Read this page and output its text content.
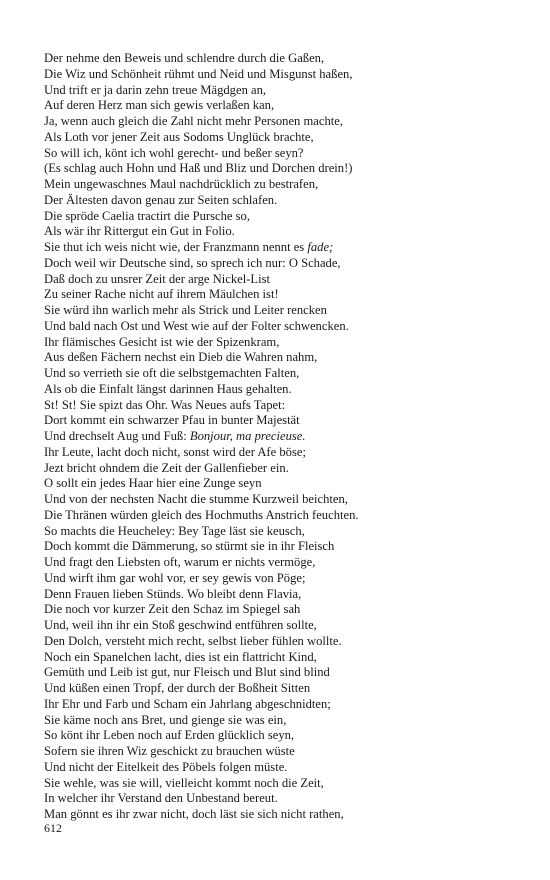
Der nehme den Beweis und schlendre durch die Gaßen,
Die Wiz und Schönheit rühmt und Neid und Misgunst haßen,
Und trift er ja darin zehn treue Mägdgen an,
Auf deren Herz man sich gewis verlaßen kan,
Ja, wenn auch gleich die Zahl nicht mehr Personen machte,
Als Loth vor jener Zeit aus Sodoms Unglück brachte,
So will ich, könt ich wohl gerecht- und beßer seyn?
(Es schlag auch Hohn und Haß und Bliz und Dorchen drein!)
Mein ungewaschnes Maul nachdrücklich zu bestrafen,
Der Ältesten davon genau zur Seiten schlafen.
Die spröde Caelia tractirt die Pursche so,
Als wär ihr Rittergut ein Gut in Folio.
Sie thut ich weis nicht wie, der Franzmann nennt es fade;
Doch weil wir Deutsche sind, so sprech ich nur: O Schade,
Daß doch zu unsrer Zeit der arge Nickel-List
Zu seiner Rache nicht auf ihrem Mäulchen ist!
Sie würd ihn warlich mehr als Strick und Leiter rencken
Und bald nach Ost und West wie auf der Folter schwencken.
Ihr flämisches Gesicht ist wie der Spizenkram,
Aus deßen Fächern nechst ein Dieb die Wahren nahm,
Und so verrieth sie oft die selbstgemachten Falten,
Als ob die Einfalt längst darinnen Haus gehalten.
St! St! Sie spizt das Ohr. Was Neues aufs Tapet:
Dort kommt ein schwarzer Pfau in bunter Majestät
Und drechselt Aug und Fuß: Bonjour, ma precieuse.
Ihr Leute, lacht doch nicht, sonst wird der Afe böse;
Jezt bricht ohndem die Zeit der Gallenfieber ein.
O sollt ein jedes Haar hier eine Zunge seyn
Und von der nechsten Nacht die stumme Kurzweil beichten,
Die Thränen würden gleich des Hochmuths Anstrich feuchten.
So machts die Heucheley: Bey Tage läst sie keusch,
Doch kommt die Dämmerung, so stürmt sie in ihr Fleisch
Und fragt den Liebsten oft, warum er nichts vermöge,
Und wirft ihm gar wohl vor, er sey gewis von Pöge;
Denn Frauen lieben Stünds. Wo bleibt denn Flavia,
Die noch vor kurzer Zeit den Schaz im Spiegel sah
Und, weil ihn ihr ein Stoß geschwind entführen sollte,
Den Dolch, versteht mich recht, selbst lieber fühlen wollte.
Noch ein Spanelchen lacht, dies ist ein flattricht Kind,
Gemüth und Leib ist gut, nur Fleisch und Blut sind blind
Und küßen einen Tropf, der durch der Boßheit Sitten
Ihr Ehr und Farb und Scham ein Jahrlang abgeschnidten;
Sie käme noch ans Bret, und gienge sie was ein,
So könt ihr Leben noch auf Erden glücklich seyn,
Sofern sie ihren Wiz geschickt zu brauchen wüste
Und nicht der Eitelkeit des Pöbels folgen müste.
Sie wehle, was sie will, vielleicht kommt noch die Zeit,
In welcher ihr Verstand den Unbestand bereut.
Man gönnt es ihr zwar nicht, doch läst sie sich nicht rathen,
612
